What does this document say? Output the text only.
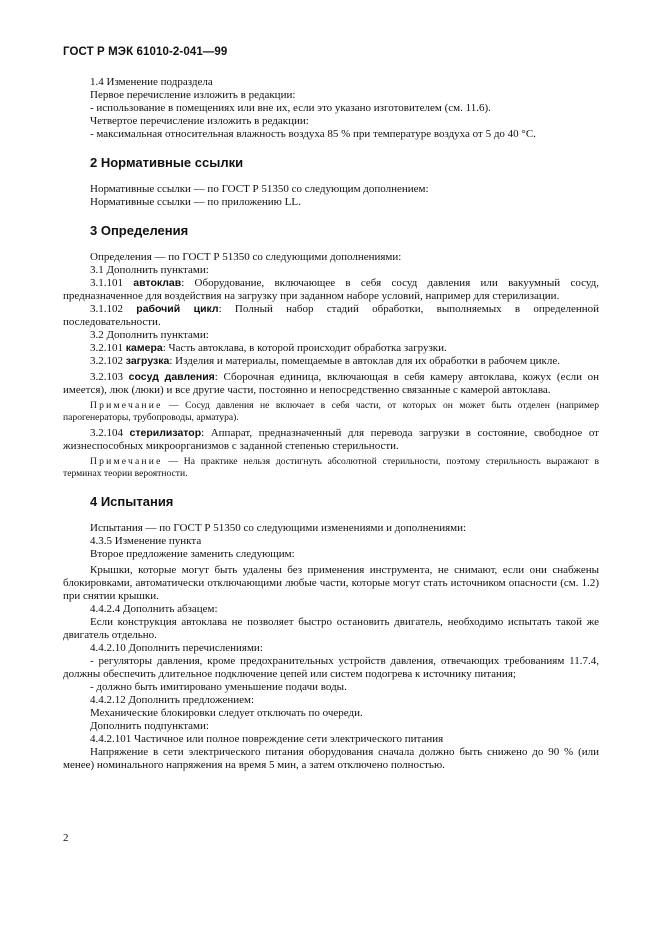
ГОСТ Р МЭК 61010-2-041—99

1.4 Изменение подраздела

Первое перечисление изложить в редакции:

- использование в помещениях или вне их, если это указано изготовителем (см. 11.6).

Четвертое перечисление изложить в редакции:

- максимальная относительная влажность воздуха 85 % при температуре воздуха от 5 до 40 °С.

2 Нормативные ссылки

Нормативные ссылки — по ГОСТ Р 51350 со следующим дополнением:

Нормативные ссылки — по приложению LL.

3 Определения

Определения — по ГОСТ Р 51350 со следующими дополнениями:

3.1 Дополнить пунктами:

3.1.101 автоклав: Оборудование, включающее в себя сосуд давления или вакуумный сосуд, предназначенное для воздействия на загрузку при заданном наборе условий, например для стерилизации.

3.1.102 рабочий цикл: Полный набор стадий обработки, выполняемых в определенной последовательности.

3.2 Дополнить пунктами:

3.2.101 камера: Часть автоклава, в которой происходит обработка загрузки.

3.2.102 загрузка: Изделия и материалы, помещаемые в автоклав для их обработки в рабочем цикле.

3.2.103 сосуд давления: Сборочная единица, включающая в себя камеру автоклава, кожух (если он имеется), люк (люки) и все другие части, постоянно и непосредственно связанные с камерой автоклава.

Примечание — Сосуд давления не включает в себя части, от которых он может быть отделен (например парогенераторы, трубопроводы, арматура).

3.2.104 стерилизатор: Аппарат, предназначенный для перевода загрузки в состояние, свободное от жизнеспособных микроорганизмов с заданной степенью стерильности.

Примечание — На практике нельзя достигнуть абсолютной стерильности, поэтому стерильность выражают в терминах теории вероятности.

4 Испытания

Испытания — по ГОСТ Р 51350 со следующими изменениями и дополнениями:

4.3.5 Изменение пункта

Второе предложение заменить следующим:

Крышки, которые могут быть удалены без применения инструмента, не снимают, если они снабжены блокировками, автоматически отключающими любые части, которые могут стать источником опасности (см. 1.2) при снятии крышки.

4.4.2.4 Дополнить абзацем:

Если конструкция автоклава не позволяет быстро остановить двигатель, необходимо испытать такой же двигатель отдельно.

4.4.2.10 Дополнить перечислениями:

- регуляторы давления, кроме предохранительных устройств давления, отвечающих требованиям 11.7.4, должны обеспечить длительное подключение цепей или систем подогрева к источнику питания;

- должно быть имитировано уменьшение подачи воды.

4.4.2.12 Дополнить предложением:

Механические блокировки следует отключать по очереди.

Дополнить подпунктами:

4.4.2.101 Частичное или полное повреждение сети электрического питания

Напряжение в сети электрического питания оборудования сначала должно быть снижено до 90 % (или менее) номинального напряжения на время 5 мин, а затем отключено полностью.

2
